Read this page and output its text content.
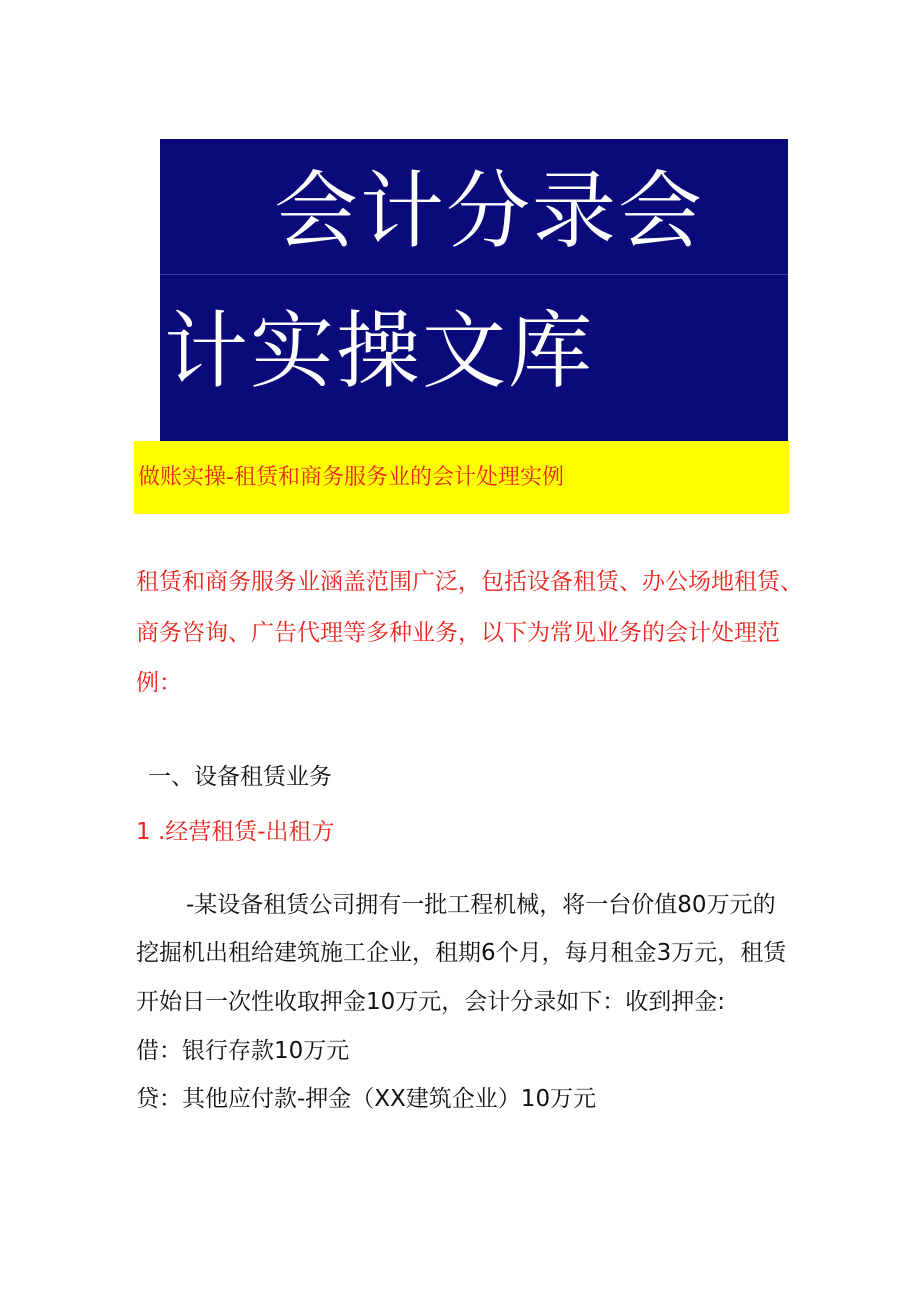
会计分录会
计实操文库
做账实操-租赁和商务服务业的会计处理实例
租赁和商务服务业涵盖范围广泛，包括设备租赁、办公场地租赁、
商务咨询、广告代理等多种业务，以下为常见业务的会计处理范
例：
一、设备租赁业务
1 .经营租赁-出租方
-某设备租赁公司拥有一批工程机械，将一台价值80万元的
挖掘机出租给建筑施工企业，租期6个月，每月租金3万元，租赁
开始日一次性收取押金10万元，会计分录如下：收到押金:
借：银行存款10万元
贷：其他应付款-押金（XX建筑企业）10万元
